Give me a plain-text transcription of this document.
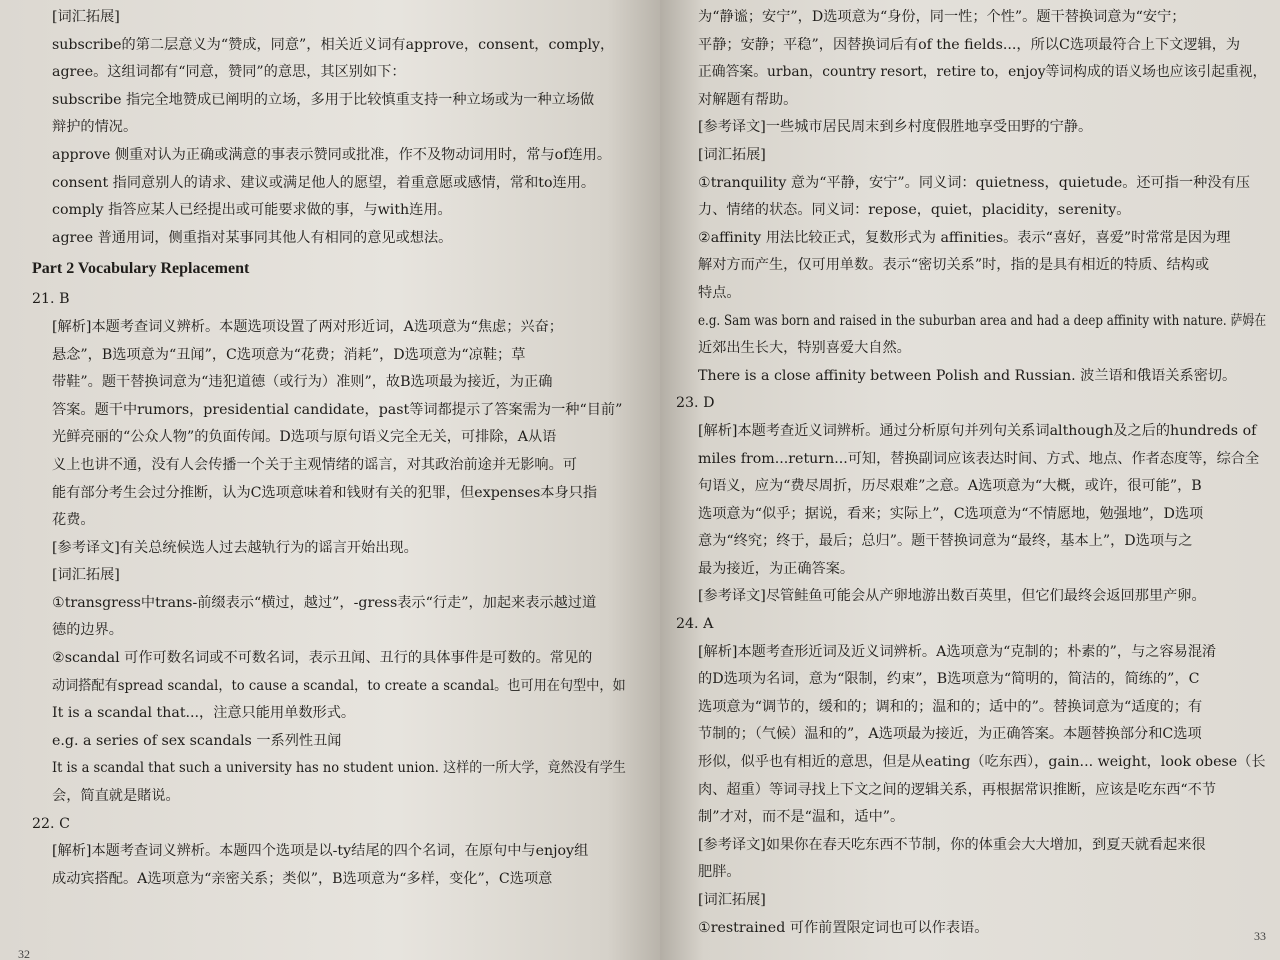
[词汇拓展]
subscribe的第二层意义为“赞成，同意”，相关近义词有approve，consent，comply，
agree。这组词都有“同意，赞同”的意思，其区别如下：
subscribe 指完全地赞成已阐明的立场，多用于比较慎重支持一种立场或为一种立场做
辩护的情况。
approve 侧重对认为正确或满意的事表示赞同或批准，作不及物动词用时，常与of连用。
consent 指同意别人的请求、建议或满足他人的愿望，着重意愿或感情，常和to连用。
comply 指答应某人已经提出或可能要求做的事，与with连用。
agree 普通用词，侧重指对某事同其他人有相同的意见或想法。
Part 2 Vocabulary Replacement
21. B
[解析]本题考查词义辨析。本题选项设置了两对形近词，A选项意为“焦虑；兴奋；
悬念”，B选项意为“丑闻”，C选项意为“花费；消耗”，D选项意为“凉鞋；草
带鞋”。题干替换词意为“违犯道德（或行为）准则”，故B选项最为接近，为正确
答案。题干中rumors，presidential candidate，past等词都提示了答案需为一种“目前”
光鲜亮丽的“公众人物”的负面传闻。D选项与原句语义完全无关，可排除，A从语
义上也讲不通，没有人会传播一个关于主观情绪的谣言，对其政治前途并无影响。可
能有部分考生会过分推断，认为C选项意味着和钱财有关的犯罪，但expenses本身只指
花费。
[参考译文]有关总统候选人过去越轨行为的谣言开始出现。
[词汇拓展]
①transgress中trans-前缀表示“横过，越过”，-gress表示“行走”，加起来表示越过道
德的边界。
②scandal 可作可数名词或不可数名词，表示丑闻、丑行的具体事件是可数的。常见的
动词搭配有spread scandal，to cause a scandal，to create a scandal。也可用在句型中，如
It is a scandal that...，注意只能用单数形式。
e.g. a series of sex scandals 一系列性丑闻
It is a scandal that such a university has no student union. 这样的一所大学，竟然没有学生
会，简直就是賭说。
22. C
[解析]本题考查词义辨析。本题四个选项是以-ty结尾的四个名词，在原句中与enjoy组
成动宾搭配。A选项意为“亲密关系；类似”，B选项意为“多样，变化”，C选项意
32
为“静谧；安宁”，D选项意为“身份，同一性；个性”。题干替换词意为“安宁；
平静；安静；平稳”，因替换词后有of the fields...，所以C选项最符合上下文逻辑，为
正确答案。urban，country resort，retire to，enjoy等词构成的语义场也应该引起重视，
对解题有帮助。
[参考译文]一些城市居民周末到乡村度假胜地享受田野的宁静。
[词汇拓展]
①tranquility 意为“平静，安宁”。同义词：quietness，quietude。还可指一种没有压
力、情绪的状态。同义词：repose，quiet，placidity，serenity。
②affinity 用法比较正式，复数形式为 affinities。表示“喜好，喜爱”时常常是因为理
解对方而产生，仅可用单数。表示“密切关系”时，指的是具有相近的特质、结构或
特点。
e.g. Sam was born and raised in the suburban area and had a deep affinity with nature. 萨姆在
近郊出生长大，特别喜爱大自然。
There is a close affinity between Polish and Russian. 波兰语和俄语关系密切。
23. D
[解析]本题考查近义词辨析。通过分析原句并列句关系词although及之后的hundreds of
miles from...return...可知，替换副词应该表达时间、方式、地点、作者态度等，综合全
句语义，应为“费尽周折，历尽艰难”之意。A选项意为“大概，或许，很可能”，B
选项意为“似乎；据说，看来；实际上”，C选项意为“不情愿地，勉强地”，D选项
意为“终究；终于，最后；总归”。题干替换词意为“最终，基本上”，D选项与之
最为接近，为正确答案。
[参考译文]尽管鲑鱼可能会从产卵地游出数百英里，但它们最终会返回那里产卵。
24. A
[解析]本题考查形近词及近义词辨析。A选项意为“克制的；朴素的”，与之容易混淆
的D选项为名词，意为“限制，约束”，B选项意为“简明的，简洁的，简练的”，C
选项意为“调节的，缓和的；调和的；温和的；适中的”。替换词意为“适度的；有
节制的；（气候）温和的”，A选项最为接近，为正确答案。本题替换部分和C选项
形似，似乎也有相近的意思，但是从eating（吃东西），gain... weight，look obese（长
肉、超重）等词寻找上下文之间的逻辑关系，再根据常识推断，应该是吃东西“不节
制”才对，而不是“温和，适中”。
[参考译文]如果你在春天吃东西不节制，你的体重会大大增加，到夏天就看起来很
肥胖。
[词汇拓展]
①restrained 可作前置限定词也可以作表语。
33
